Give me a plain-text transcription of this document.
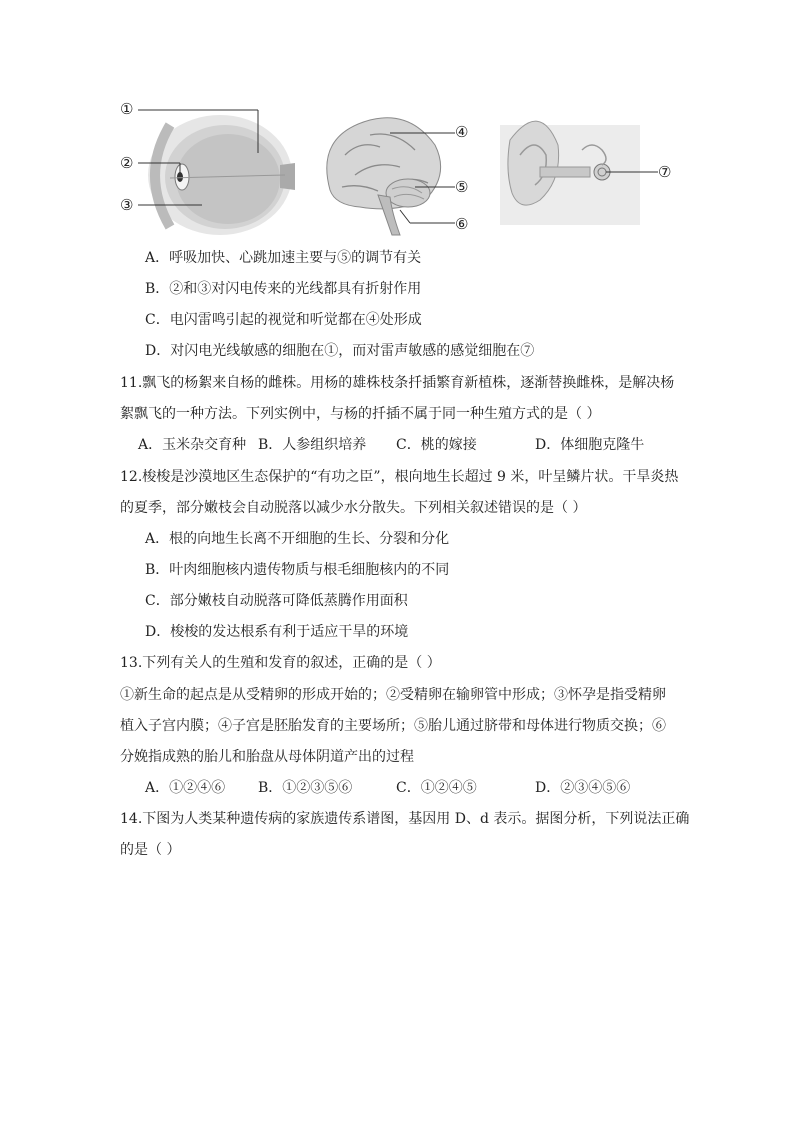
①
②
③
④
⑤
⑥
⑦
A．呼吸加快、心跳加速主要与⑤的调节有关
B．②和③对闪电传来的光线都具有折射作用
C．电闪雷鸣引起的视觉和听觉都在④处形成
D．对闪电光线敏感的细胞在①，而对雷声敏感的感觉细胞在⑦
11.飘飞的杨絮来自杨的雌株。用杨的雄株枝条扦插繁育新植株，逐渐替换雌株，是解决杨
絮飘飞的一种方法。下列实例中，与杨的扦插不属于同一种生殖方式的是（ ）
A．玉米杂交育种 B．人参组织培养 C．桃的嫁接	D．体细胞克隆牛
12.梭梭是沙漠地区生态保护的“有功之臣”，根向地生长超过 9 米，叶呈鳞片状。干旱炎热
的夏季，部分嫩枝会自动脱落以减少水分散失。下列相关叙述错误的是（ ）
A．根的向地生长离不开细胞的生长、分裂和分化
B．叶肉细胞核内遗传物质与根毛细胞核内的不同
C．部分嫩枝自动脱落可降低蒸腾作用面积
D．梭梭的发达根系有利于适应干旱的环境
13.下列有关人的生殖和发育的叙述，正确的是（ ）
①新生命的起点是从受精卵的形成开始的；②受精卵在输卵管中形成；③怀孕是指受精卵
植入子宫内膜；④子宫是胚胎发育的主要场所；⑤胎儿通过脐带和母体进行物质交换；⑥
分娩指成熟的胎儿和胎盘从母体阴道产出的过程
A．①②④⑥ B．①②③⑤⑥	C．①②④⑤	D．②③④⑤⑥
14.下图为人类某种遗传病的家族遗传系谱图，基因用 D、d 表示。据图分析，下列说法正确
的是（ ）
